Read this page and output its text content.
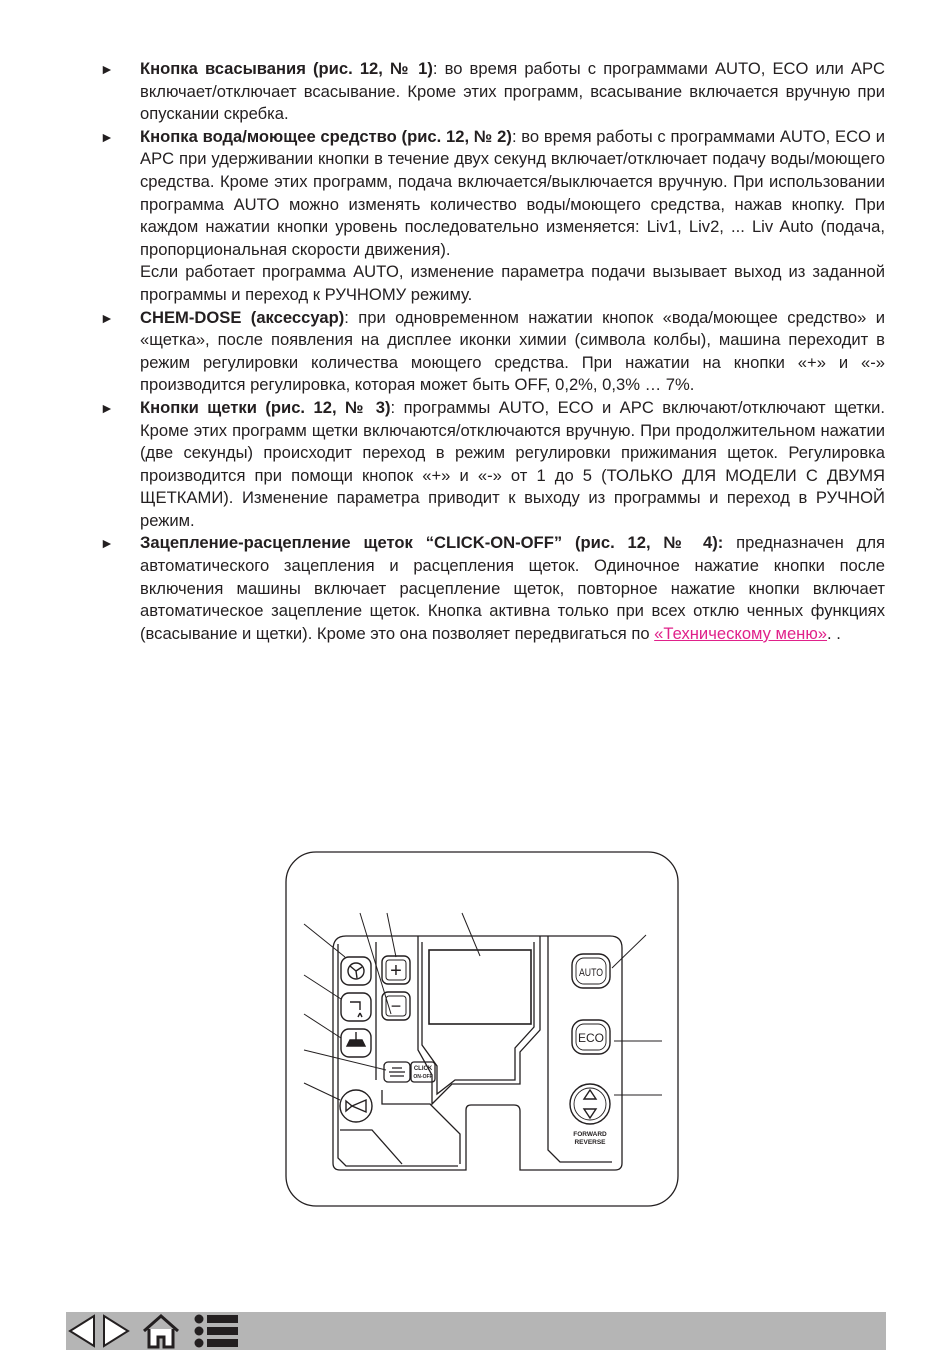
► Кнопка всасывания (рис. 12, № 1): во время работы с программами AUTO, ECO или APC включает/отключает всасывание. Кроме этих программ, всасывание включается вручную при опускании скребка.

► Кнопка вода/моющее средство (рис. 12, № 2): во время работы с программами AUTO, ECO и APC при удерживании кнопки в течение двух секунд включает/отключает подачу воды/моющего средства. Кроме этих программ, подача включается/выключается вручную. При использовании программа AUTO можно изменять количество воды/моющего средства, нажав кнопку. При каждом нажатии кнопки уровень последовательно изменяется: Liv1, Liv2, ... Liv Auto (подача, пропорциональная скорости движения).

Если работает программа AUTO, изменение параметра подачи вызывает выход из заданной программы и переход к РУЧНОМУ режиму.

► CHEM-DOSE (аксессуар): при одновременном нажатии кнопок «вода/моющее средство» и «щетка», после появления на дисплее иконки химии (символа колбы), машина переходит в режим регулировки количества моющего средства. При нажатии на кнопки «+» и «-» производится регулировка, которая может быть OFF, 0,2%, 0,3% … 7%.

► Кнопки щетки (рис. 12, № 3): программы AUTO, ECO и APC включают/отключают щетки. Кроме этих программ щетки включаются/отключаются вручную. При продолжительном нажатии (две секунды) происходит переход в режим регулировки прижимания щеток. Регулировка производится при помощи кнопок «+» и «-» от 1 до 5 (ТОЛЬКО ДЛЯ МОДЕЛИ С ДВУМЯ ЩЕТКАМИ). Изменение параметра приводит к выходу из программы и переход в РУЧНОЙ режим.

► Зацепление-расцепление щеток “CLICK-ON-OFF” (рис. 12, № 4): предназначен для автоматического зацепления и расцепления щеток. Одиночное нажатие кнопки после включения машины включает расцепление щеток, повторное нажатие кнопки включает автоматическое зацепление щеток. Кнопка активна только при всех отклю ченных функциях (всасывание и щетки). Кроме это она позволяет передвигаться по «Техническому меню». .

+
−
CLICK
ON-OFF
AUTO
ECO
FORWARD
REVERSE
